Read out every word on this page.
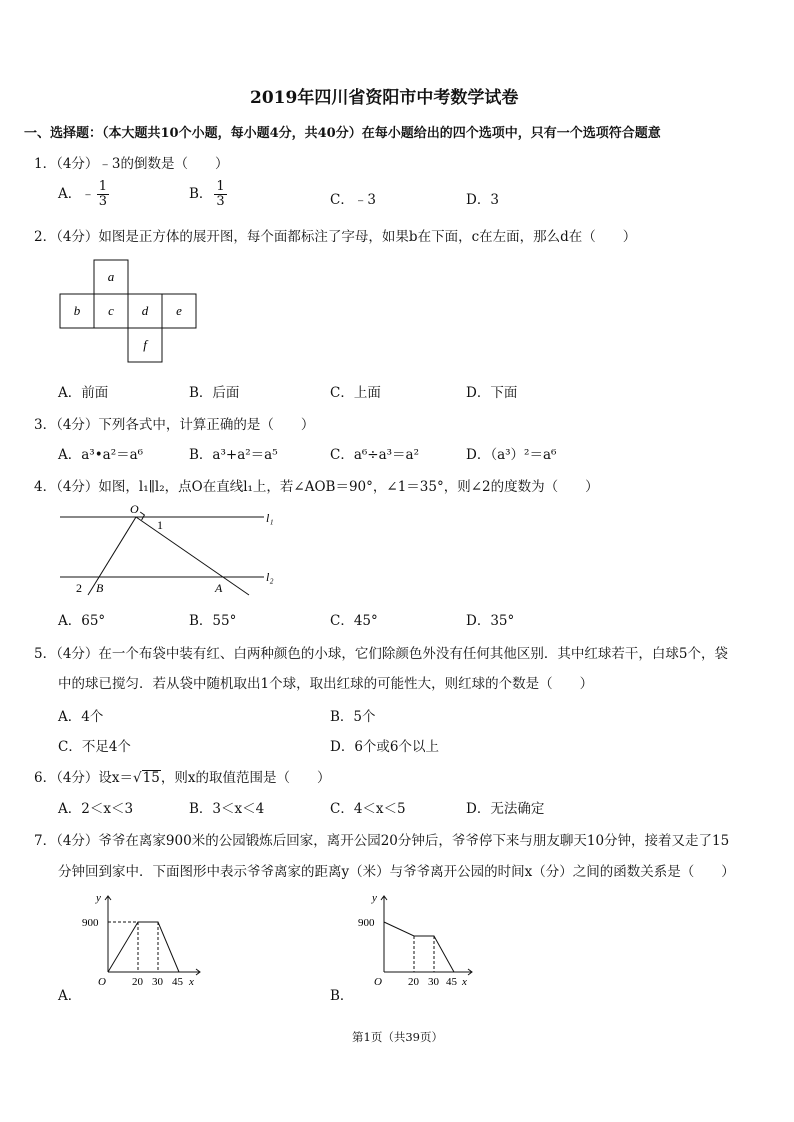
2019年四川省资阳市中考数学试卷
一、选择题：（本大题共10个小题，每小题4分，共40分）在每小题给出的四个选项中，只有一个选项符合题意
1．（4分）﹣3的倒数是（　　）
A．﹣ $\frac{1}{3}$	B． $\frac{1}{3}$	C．﹣3	D．3
2．（4分）如图是正方体的展开图，每个面都标注了字母，如果b在下面，c在左面，那么d在（　　）
a
b c d e
f
A．前面	B．后面	C．上面	D．下面
3．（4分）下列各式中，计算正确的是（　　）
A．a³•a²＝a⁶	B．a³+a²＝a⁵	C．a⁶÷a³＝a²	D．（a³）²＝a⁶
4．（4分）如图，l₁∥l₂，点O在直线l₁上，若∠AOB＝90°，∠1＝35°，则∠2的度数为（　　）
O
1
2 B	A
l₁
l₂
A．65°	B．55°	C．45°	D．35°
5．（4分）在一个布袋中装有红、白两种颜色的小球，它们除颜色外没有任何其他区别．其中红球若干，白球5个，袋
中的球已搅匀．若从袋中随机取出1个球，取出红球的可能性大，则红球的个数是（　　）
A．4个	B．5个
C．不足4个	D．6个或6个以上
6．（4分）设x＝√15，则x的取值范围是（　　）
A．2＜x＜3	B．3＜x＜4	C．4＜x＜5	D．无法确定
7．（4分）爷爷在离家900米的公园锻炼后回家，离开公园20分钟后，爷爷停下来与朋友聊天10分钟，接着又走了15
分钟回到家中．下面图形中表示爷爷离家的距离y（米）与爷爷离开公园的时间x（分）之间的函数关系是（　　）
A．
y
900
O 20 30 45 x
B．
y
900
O 20 30 45 x
第1页（共39页）
